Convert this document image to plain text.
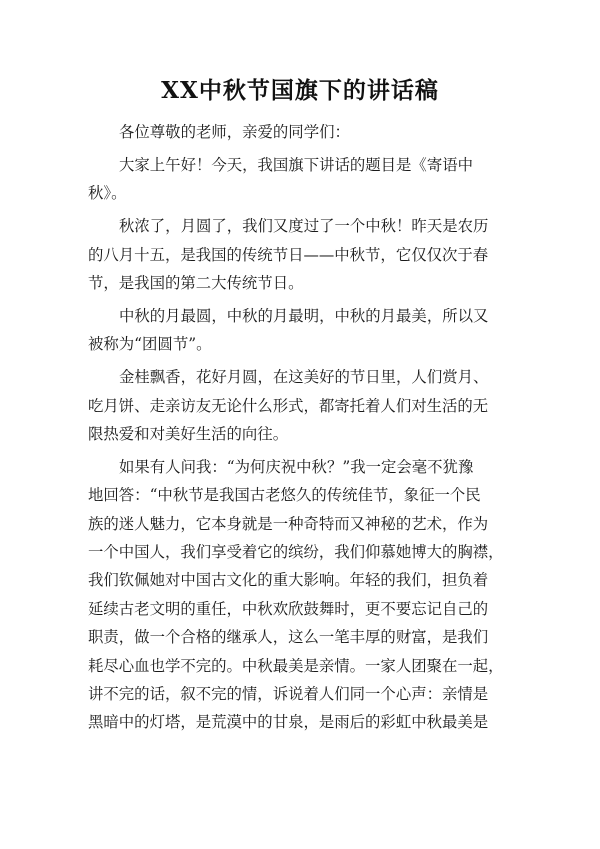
XX中秋节国旗下的讲话稿
各位尊敬的老师，亲爱的同学们：
大家上午好！今天，我国旗下讲话的题目是《寄语中
秋》。
秋浓了，月圆了，我们又度过了一个中秋！昨天是农历
的八月十五，是我国的传统节日——中秋节，它仅仅次于春
节，是我国的第二大传统节日。
中秋的月最圆，中秋的月最明，中秋的月最美，所以又
被称为“团圆节”。
金桂飘香，花好月圆，在这美好的节日里，人们赏月、
吃月饼、走亲访友无论什么形式，都寄托着人们对生活的无
限热爱和对美好生活的向往。
如果有人问我：“为何庆祝中秋？”我一定会毫不犹豫
地回答：“中秋节是我国古老悠久的传统佳节，象征一个民
族的迷人魅力，它本身就是一种奇特而又神秘的艺术，作为
一个中国人，我们享受着它的缤纷，我们仰慕她博大的胸襟，
我们钦佩她对中国古文化的重大影响。年轻的我们，担负着
延续古老文明的重任，中秋欢欣鼓舞时，更不要忘记自己的
职责，做一个合格的继承人，这么一笔丰厚的财富，是我们
耗尽心血也学不完的。中秋最美是亲情。一家人团聚在一起，
讲不完的话，叙不完的情，诉说着人们同一个心声：亲情是
黑暗中的灯塔，是荒漠中的甘泉，是雨后的彩虹中秋最美是
